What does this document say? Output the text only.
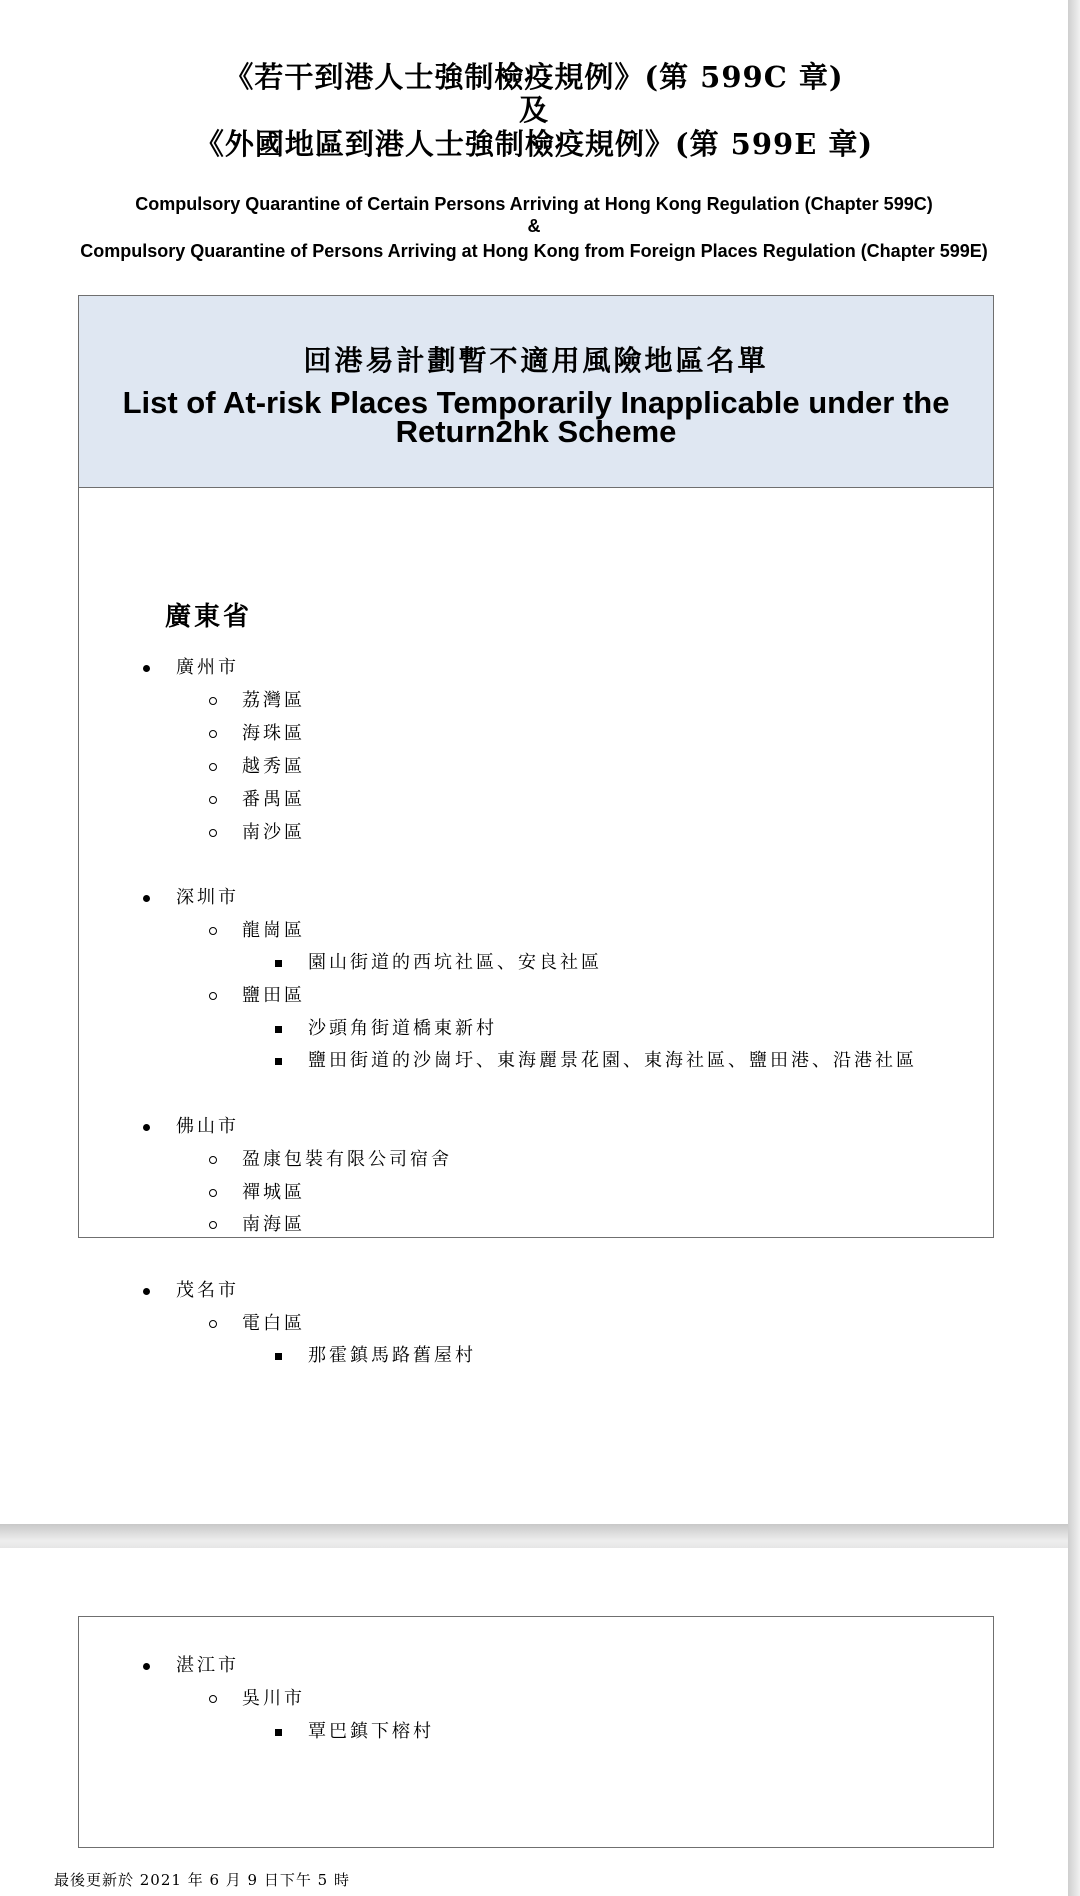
《若干到港人士強制檢疫規例》(第 599C 章)
及
《外國地區到港人士強制檢疫規例》(第 599E 章)
Compulsory Quarantine of Certain Persons Arriving at Hong Kong Regulation (Chapter 599C)
&
Compulsory Quarantine of Persons Arriving at Hong Kong from Foreign Places Regulation (Chapter 599E)
回港易計劃暫不適用風險地區名單
List of At-risk Places Temporarily Inapplicable under the
Return2hk Scheme
廣東省
廣州市
荔灣區
海珠區
越秀區
番禺區
南沙區
深圳市
龍崗區
園山街道的西坑社區、安良社區
鹽田區
沙頭角街道橋東新村
鹽田街道的沙崗圩、東海麗景花園、東海社區、鹽田港、沿港社區
佛山市
盈康包裝有限公司宿舍
禪城區
南海區
茂名市
電白區
那霍鎮馬路舊屋村
湛江市
吳川市
覃巴鎮下榕村
最後更新於 2021 年 6 月 9 日下午 5 時
